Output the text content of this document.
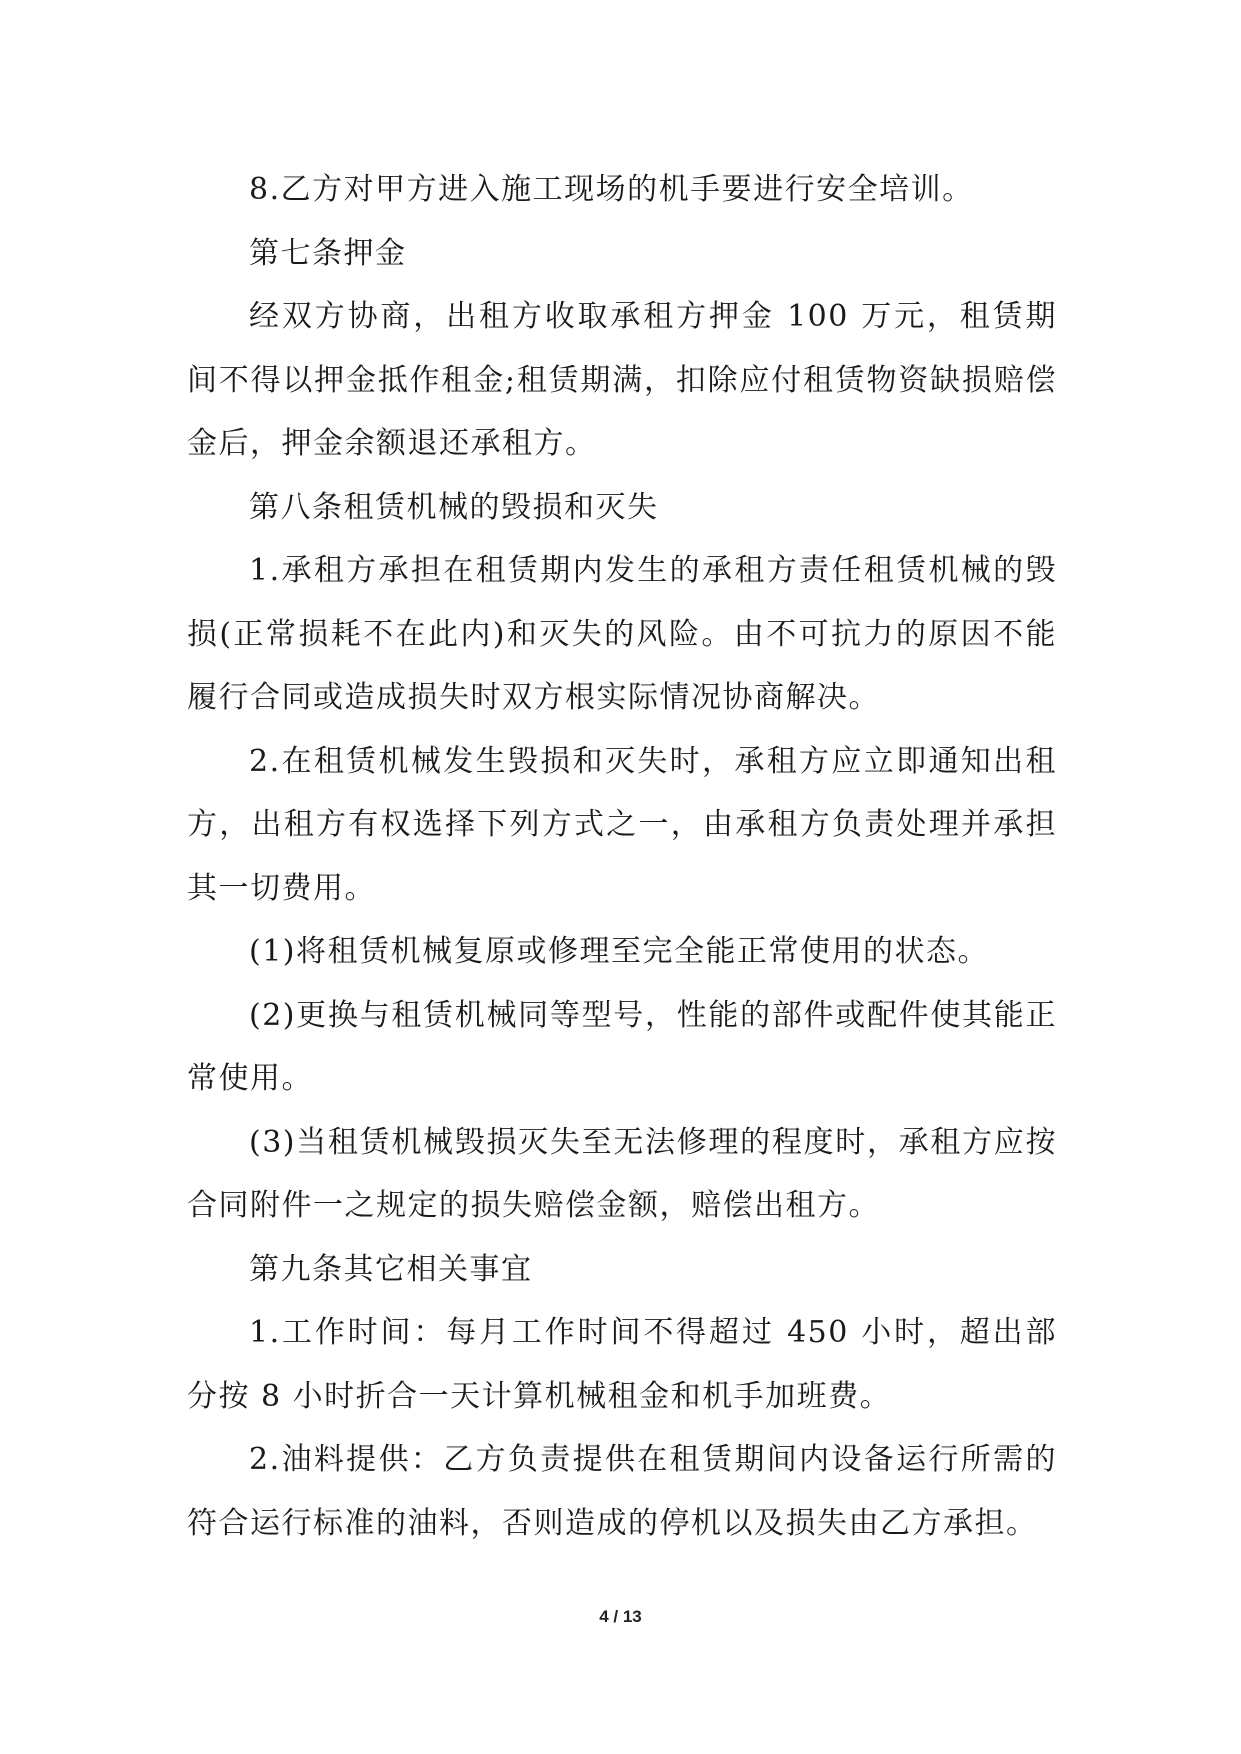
8.乙方对甲方进入施工现场的机手要进行安全培训。

第七条押金

经双方协商，出租方收取承租方押金 100 万元，租赁期间不得以押金抵作租金;租赁期满，扣除应付租赁物资缺损赔偿金后，押金余额退还承租方。

第八条租赁机械的毁损和灭失

1.承租方承担在租赁期内发生的承租方责任租赁机械的毁损(正常损耗不在此内)和灭失的风险。由不可抗力的原因不能履行合同或造成损失时双方根实际情况协商解决。

2.在租赁机械发生毁损和灭失时，承租方应立即通知出租方，出租方有权选择下列方式之一，由承租方负责处理并承担其一切费用。

(1)将租赁机械复原或修理至完全能正常使用的状态。

(2)更换与租赁机械同等型号，性能的部件或配件使其能正常使用。

(3)当租赁机械毁损灭失至无法修理的程度时，承租方应按合同附件一之规定的损失赔偿金额，赔偿出租方。

第九条其它相关事宜

1.工作时间：每月工作时间不得超过 450 小时，超出部分按 8 小时折合一天计算机械租金和机手加班费。

2.油料提供：乙方负责提供在租赁期间内设备运行所需的符合运行标准的油料，否则造成的停机以及损失由乙方承担。

4 / 13
